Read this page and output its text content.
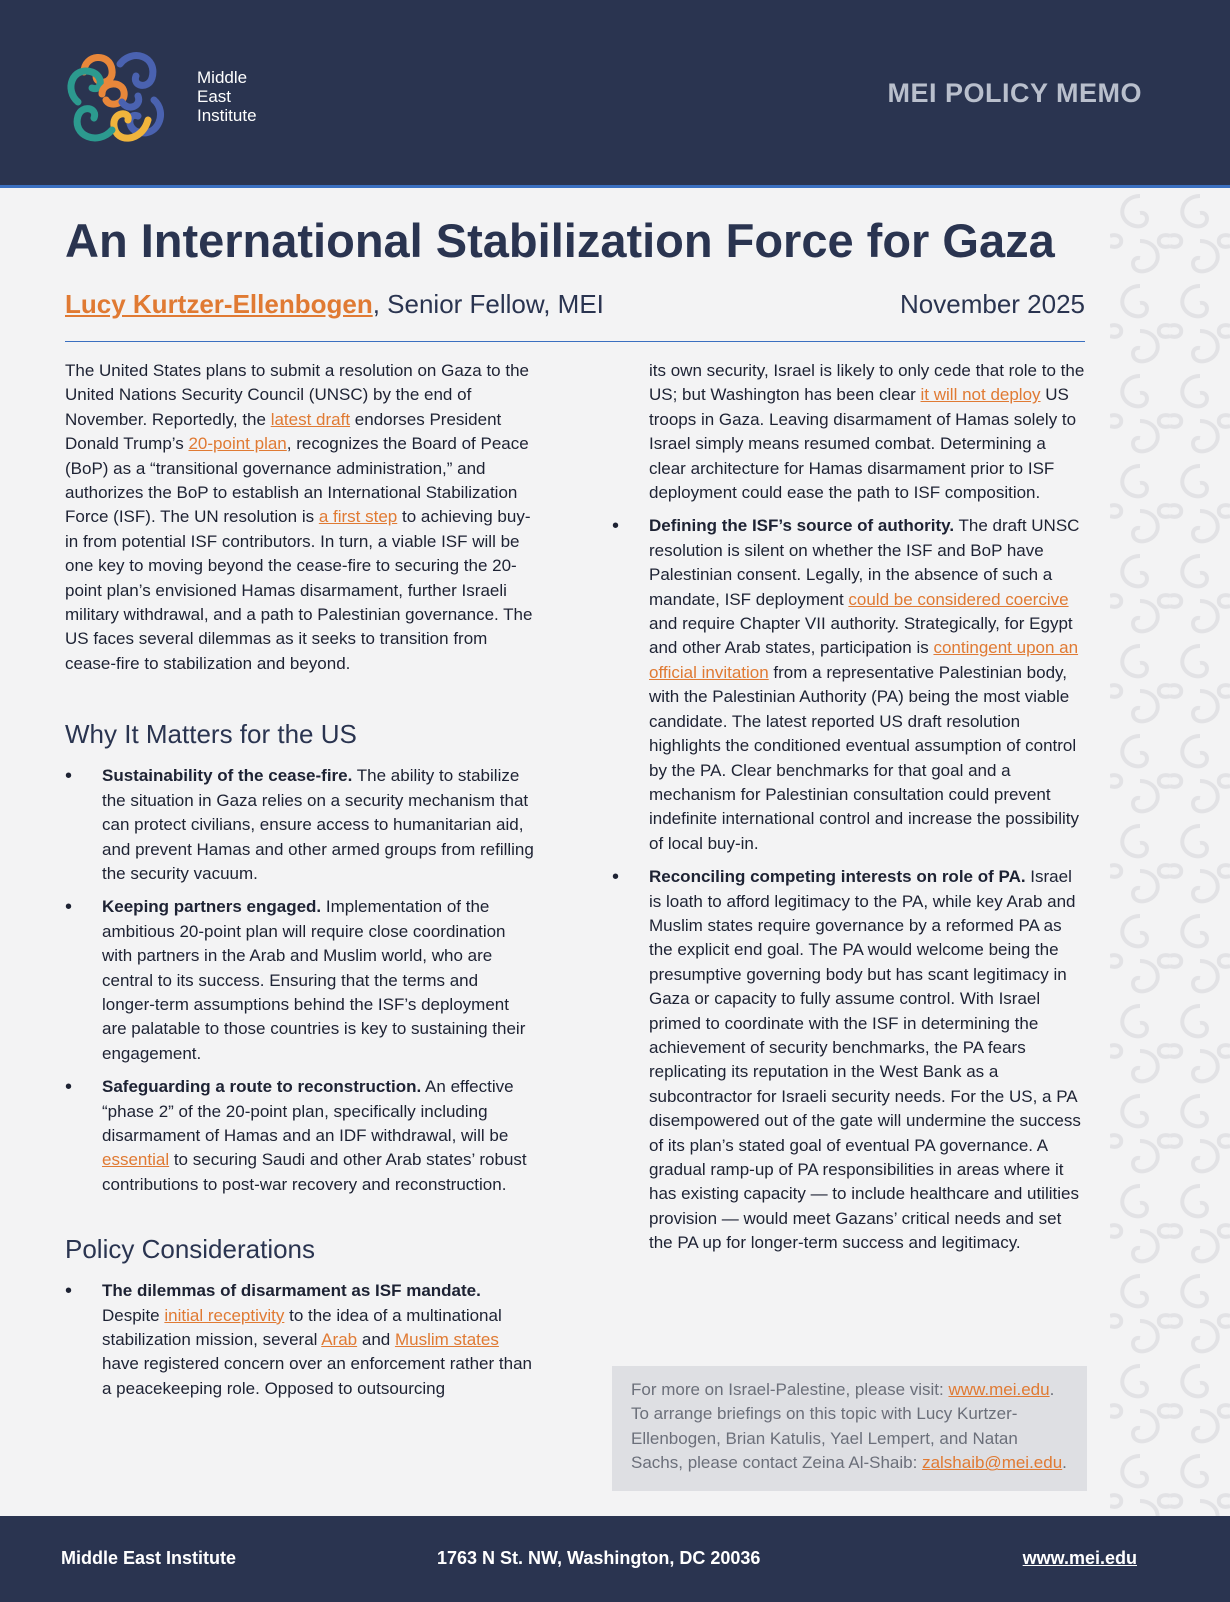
Middle
East
Institute
MEI POLICY MEMO
An International Stabilization Force for Gaza
Lucy Kurtzer-Ellenbogen, Senior Fellow, MEI	November 2025

The United States plans to submit a resolution on Gaza to the United Nations Security Council (UNSC) by the end of November. Reportedly, the latest draft endorses President Donald Trump’s 20-point plan, recognizes the Board of Peace (BoP) as a “transitional governance administration,” and authorizes the BoP to establish an International Stabilization Force (ISF). The UN resolution is a first step to achieving buy-in from potential ISF contributors. In turn, a viable ISF will be one key to moving beyond the cease-fire to securing the 20-point plan’s envisioned Hamas disarmament, further Israeli military withdrawal, and a path to Palestinian governance. The US faces several dilemmas as it seeks to transition from cease-fire to stabilization and beyond.

Why It Matters for the US
• Sustainability of the cease-fire. The ability to stabilize the situation in Gaza relies on a security mechanism that can protect civilians, ensure access to humanitarian aid, and prevent Hamas and other armed groups from refilling the security vacuum.
• Keeping partners engaged. Implementation of the ambitious 20-point plan will require close coordination with partners in the Arab and Muslim world, who are central to its success. Ensuring that the terms and longer-term assumptions behind the ISF’s deployment are palatable to those countries is key to sustaining their engagement.
• Safeguarding a route to reconstruction. An effective “phase 2” of the 20-point plan, specifically including disarmament of Hamas and an IDF withdrawal, will be essential to securing Saudi and other Arab states’ robust contributions to post-war recovery and reconstruction.
Policy Considerations
• The dilemmas of disarmament as ISF mandate. Despite initial receptivity to the idea of a multinational stabilization mission, several Arab and Muslim states have registered concern over an enforcement rather than a peacekeeping role. Opposed to outsourcing
its own security, Israel is likely to only cede that role to the US; but Washington has been clear it will not deploy US troops in Gaza. Leaving disarmament of Hamas solely to Israel simply means resumed combat. Determining a clear architecture for Hamas disarmament prior to ISF deployment could ease the path to ISF composition.
• Defining the ISF’s source of authority. The draft UNSC resolution is silent on whether the ISF and BoP have Palestinian consent. Legally, in the absence of such a mandate, ISF deployment could be considered coercive and require Chapter VII authority. Strategically, for Egypt and other Arab states, participation is contingent upon an official invitation from a representative Palestinian body, with the Palestinian Authority (PA) being the most viable candidate. The latest reported US draft resolution highlights the conditioned eventual assumption of control by the PA. Clear benchmarks for that goal and a mechanism for Palestinian consultation could prevent indefinite international control and increase the possibility of local buy-in.
• Reconciling competing interests on role of PA. Israel is loath to afford legitimacy to the PA, while key Arab and Muslim states require governance by a reformed PA as the explicit end goal. The PA would welcome being the presumptive governing body but has scant legitimacy in Gaza or capacity to fully assume control. With Israel primed to coordinate with the ISF in determining the achievement of security benchmarks, the PA fears replicating its reputation in the West Bank as a subcontractor for Israeli security needs. For the US, a PA disempowered out of the gate will undermine the success of its plan’s stated goal of eventual PA governance. A gradual ramp-up of PA responsibilities in areas where it has existing capacity — to include healthcare and utilities provision — would meet Gazans’ critical needs and set the PA up for longer-term success and legitimacy.
For more on Israel-Palestine, please visit: www.mei.edu. To arrange briefings on this topic with Lucy Kurtzer-Ellenbogen, Brian Katulis, Yael Lempert, and Natan Sachs, please contact Zeina Al-Shaib: zalshaib@mei.edu.
Middle East Institute	1763 N St. NW, Washington, DC 20036	www.mei.edu
